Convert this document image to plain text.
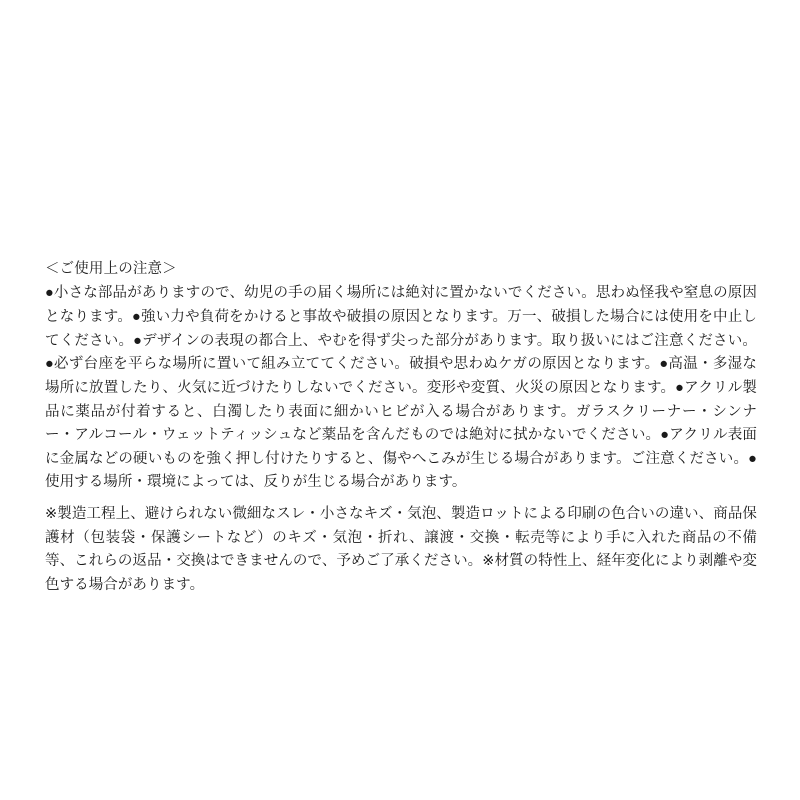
＜ご使用上の注意＞

●小さな部品がありますので、幼児の手の届く場所には絶対に置かないでください。思わぬ怪我や窒息の原因となります。●強い力や負荷をかけると事故や破損の原因となります。万一、破損した場合には使用を中止してください。●デザインの表現の都合上、やむを得ず尖った部分があります。取り扱いにはご注意ください。●必ず台座を平らな場所に置いて組み立ててください。破損や思わぬケガの原因となります。●高温・多湿な場所に放置したり、火気に近づけたりしないでください。変形や変質、火災の原因となります。●アクリル製品に薬品が付着すると、白濁したり表面に細かいヒビが入る場合があります。ガラスクリーナー・シンナー・アルコール・ウェットティッシュなど薬品を含んだものでは絶対に拭かないでください。●アクリル表面に金属などの硬いものを強く押し付けたりすると、傷やへこみが生じる場合があります。ご注意ください。●使用する場所・環境によっては、反りが生じる場合があります。

※製造工程上、避けられない微細なスレ・小さなキズ・気泡、製造ロットによる印刷の色合いの違い、商品保護材（包装袋・保護シートなど）のキズ・気泡・折れ、譲渡・交換・転売等により手に入れた商品の不備等、これらの返品・交換はできませんので、予めご了承ください。※材質の特性上、経年変化により剥離や変色する場合があります。
